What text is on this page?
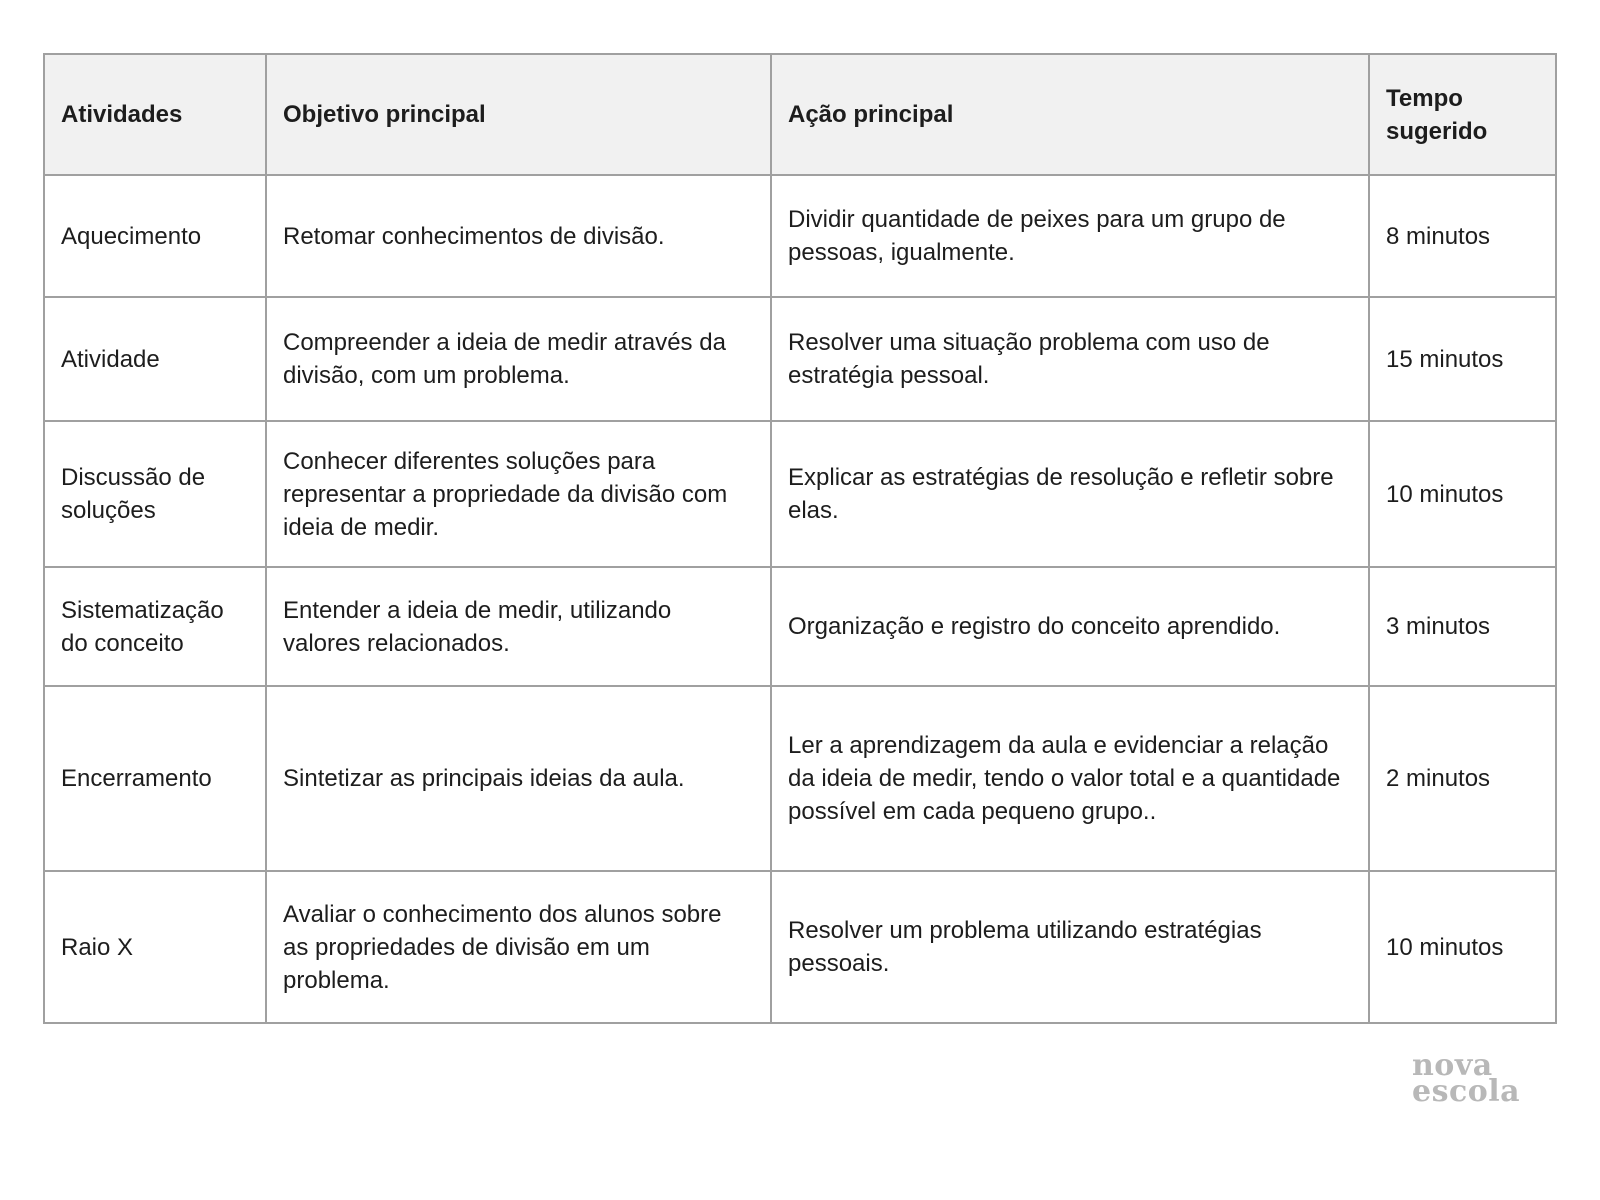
Atividades	Objetivo principal	Ação principal	Tempo sugerido
Aquecimento	Retomar conhecimentos de divisão.	Dividir quantidade de peixes para um grupo de pessoas, igualmente.	8 minutos
Atividade	Compreender a ideia de medir através da divisão, com um problema.	Resolver uma situação problema com uso de estratégia pessoal.	15 minutos
Discussão de soluções	Conhecer diferentes soluções para representar a propriedade da divisão com ideia de medir.	Explicar as estratégias de resolução e refletir sobre elas.	10 minutos
Sistematização do conceito	Entender a ideia de medir, utilizando valores relacionados.	Organização e registro do conceito aprendido.	3 minutos
Encerramento	Sintetizar as principais ideias da aula.	Ler a aprendizagem da aula e evidenciar a relação da ideia de medir, tendo o valor total e a quantidade possível em cada pequeno grupo..	2 minutos
Raio X	Avaliar o conhecimento dos alunos sobre as propriedades de divisão em um problema.	Resolver um problema utilizando estratégias pessoais.	10 minutos
nova
escola
